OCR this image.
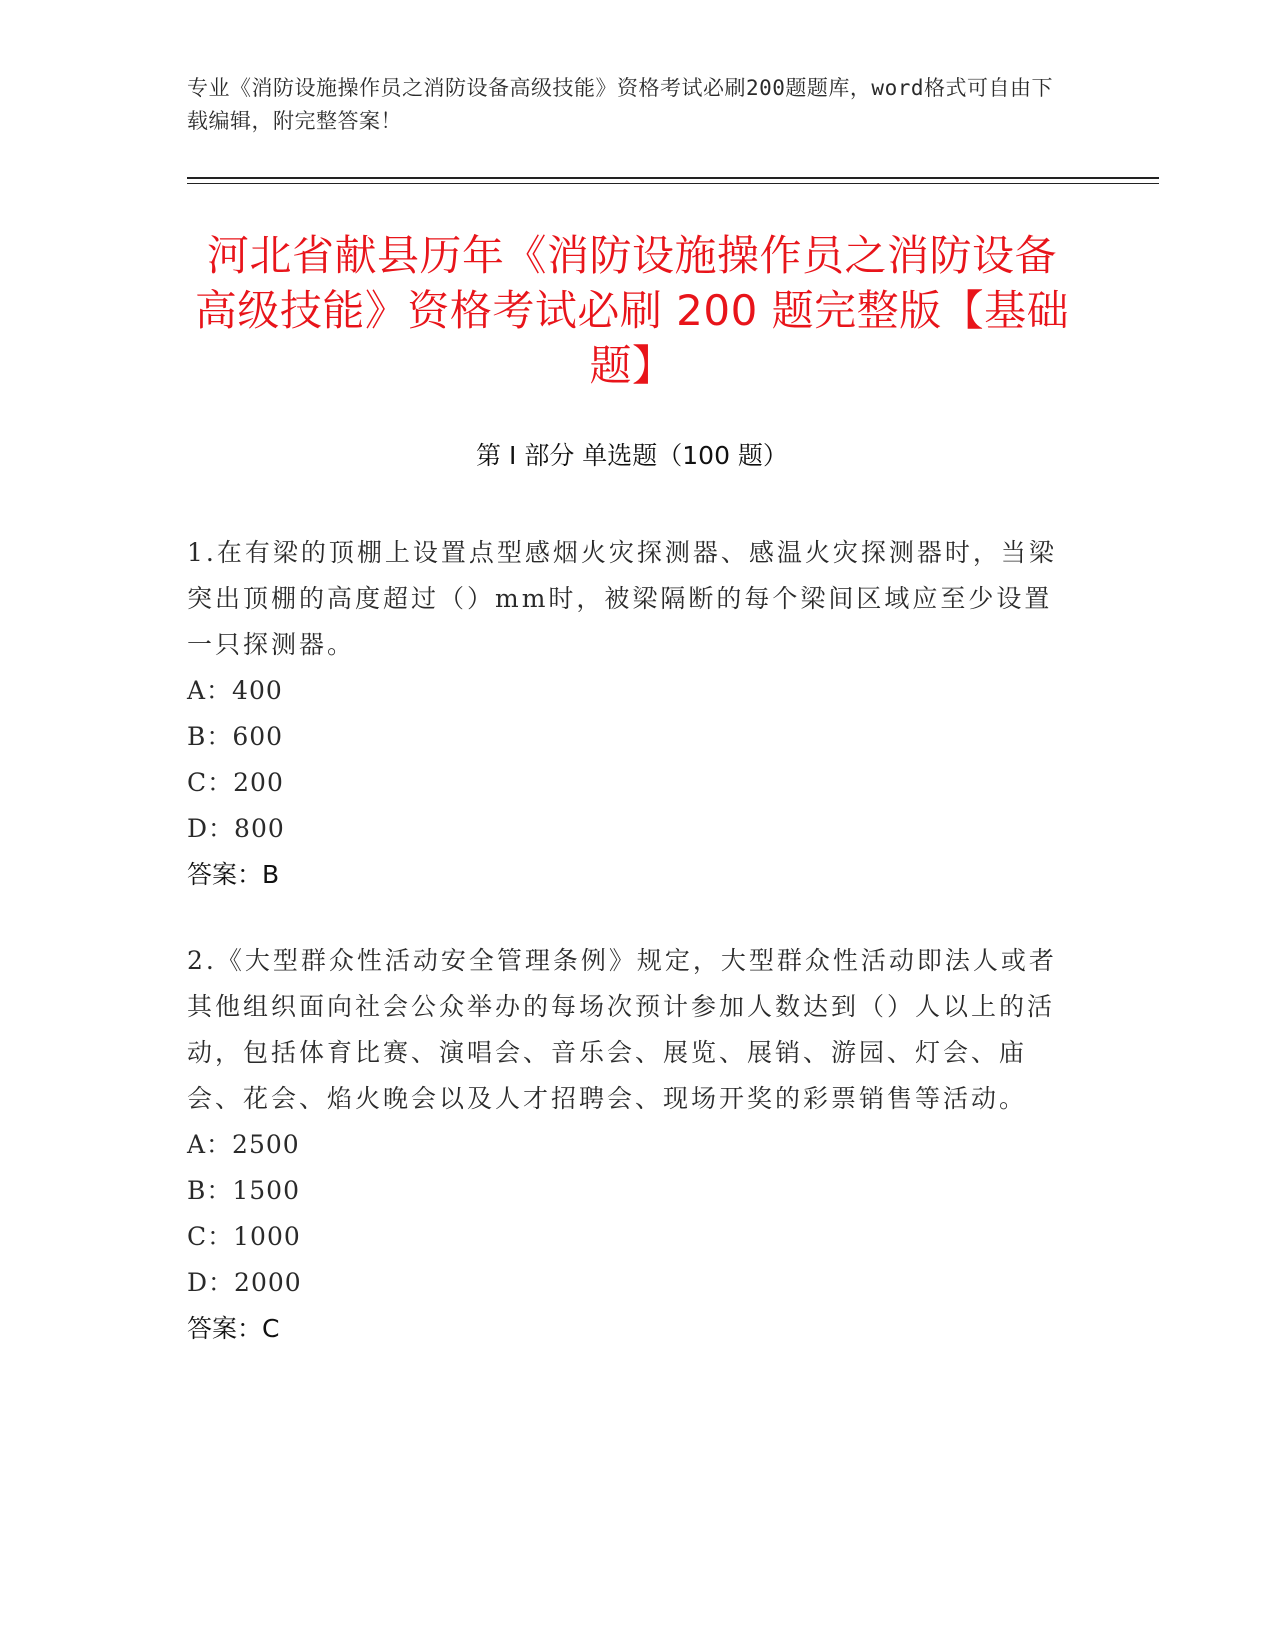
专业《消防设施操作员之消防设备高级技能》资格考试必刷200题题库，word格式可自由下载编辑，附完整答案！
河北省献县历年《消防设施操作员之消防设备高级技能》资格考试必刷 200 题完整版【基础题】
第 I 部分 单选题（100 题）

1.在有梁的顶棚上设置点型感烟火灾探测器、感温火灾探测器时，当梁突出顶棚的高度超过（）mm时，被梁隔断的每个梁间区域应至少设置一只探测器。

A：400

B：600

C：200

D：800

答案：B

2.《大型群众性活动安全管理条例》规定，大型群众性活动即法人或者其他组织面向社会公众举办的每场次预计参加人数达到（）人以上的活动，包括体育比赛、演唱会、音乐会、展览、展销、游园、灯会、庙会、花会、焰火晚会以及人才招聘会、现场开奖的彩票销售等活动。

A：2500

B：1500

C：1000

D：2000

答案：C
